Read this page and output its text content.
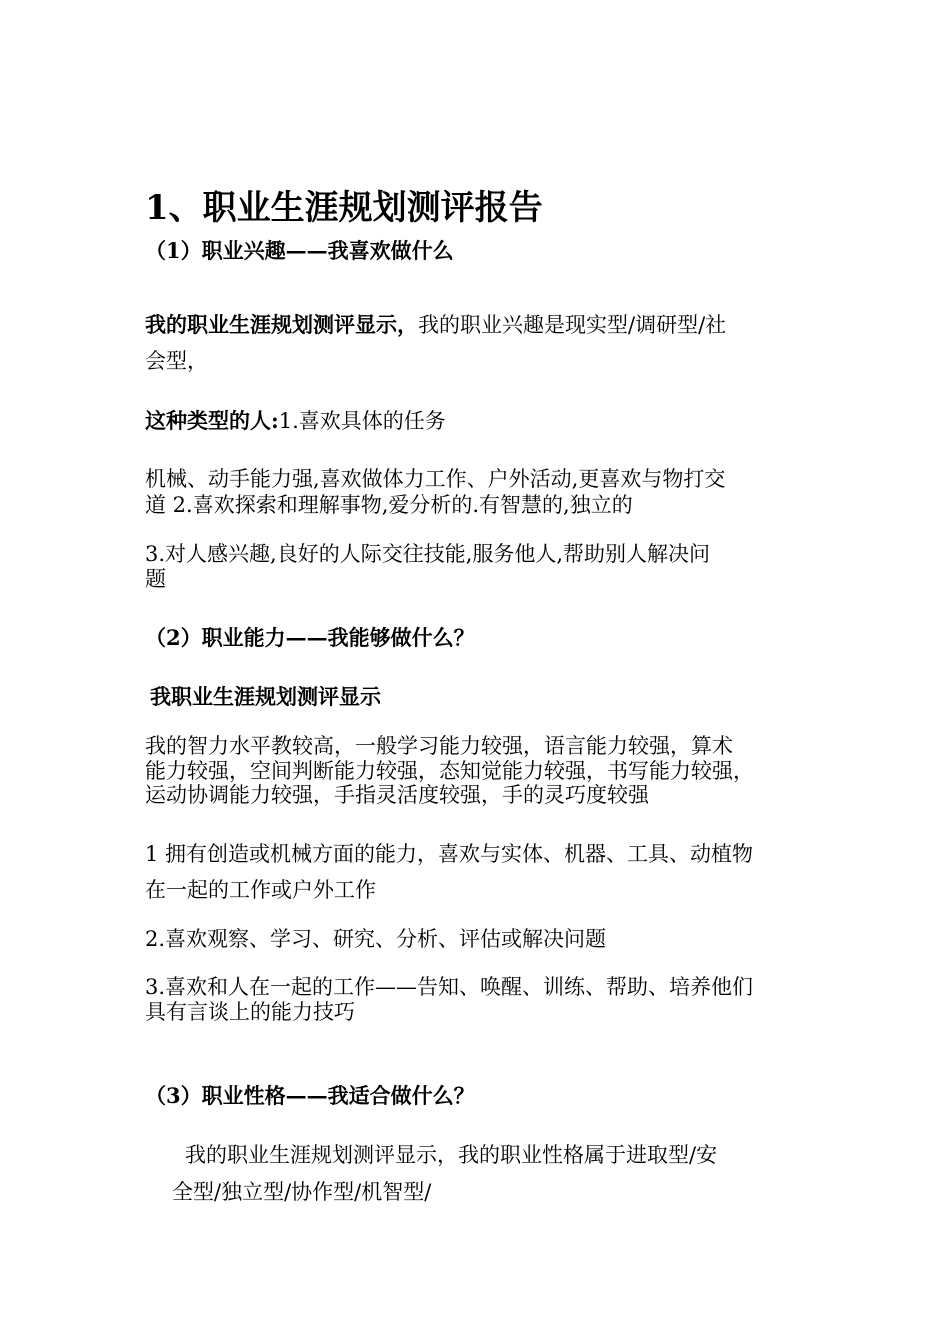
1、职业生涯规划测评报告
（1）职业兴趣——我喜欢做什么
我的职业生涯规划测评显示，我的职业兴趣是现实型/调研型/社
会型，
这种类型的人:1.喜欢具体的任务
机械、动手能力强,喜欢做体力工作、户外活动,更喜欢与物打交
道 2.喜欢探索和理解事物,爱分析的.有智慧的,独立的
3.对人感兴趣,良好的人际交往技能,服务他人,帮助别人解决问
题
（2）职业能力——我能够做什么？
我职业生涯规划测评显示
我的智力水平教较高，一般学习能力较强，语言能力较强，算术
能力较强，空间判断能力较强，态知觉能力较强，书写能力较强，
运动协调能力较强，手指灵活度较强，手的灵巧度较强
1 拥有创造或机械方面的能力，喜欢与实体、机器、工具、动植物
在一起的工作或户外工作
2.喜欢观察、学习、研究、分析、评估或解决问题
3.喜欢和人在一起的工作——告知、唤醒、训练、帮助、培养他们
具有言谈上的能力技巧
（3）职业性格——我适合做什么？
我的职业生涯规划测评显示，我的职业性格属于进取型/安
全型/独立型/协作型/机智型/
